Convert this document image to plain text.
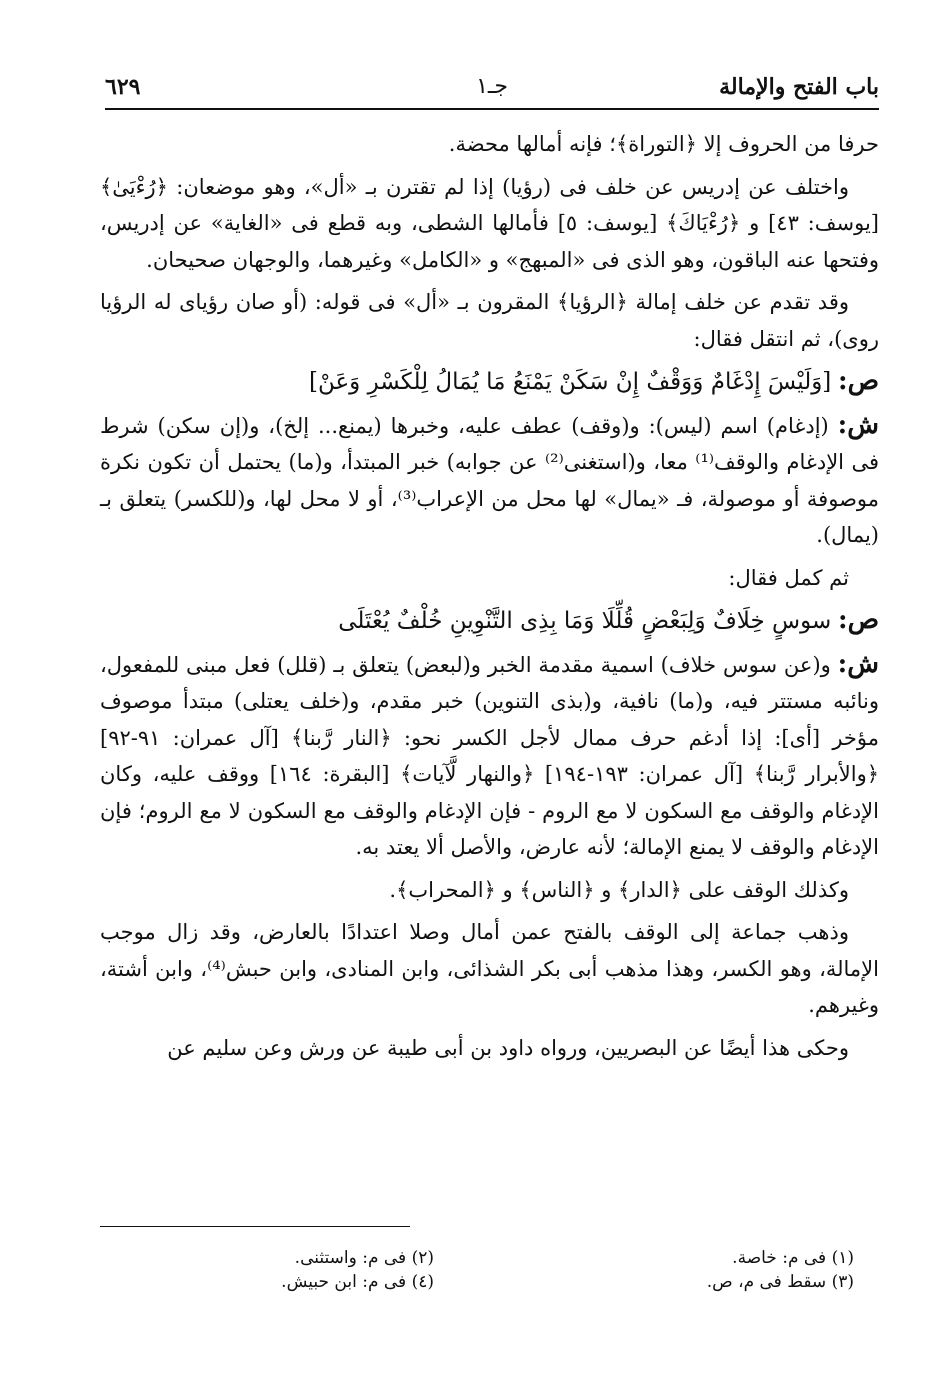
باب الفتح والإمالة
جـ١
٦٢٩

حرفا من الحروف إلا ﴿التوراة﴾؛ فإنه أمالها محضة.

واختلف عن إدريس عن خلف فى (رؤيا) إذا لم تقترن بـ «أل»، وهو موضعان: ﴿رُءْيَىٰ﴾ [يوسف: ٤٣] و ﴿رُءْيَاكَ﴾ [يوسف: ٥] فأمالها الشطى، وبه قطع فى «الغاية» عن إدريس، وفتحها عنه الباقون، وهو الذى فى «المبهج» و «الكامل» وغيرهما، والوجهان صحيحان.

وقد تقدم عن خلف إمالة ﴿الرؤيا﴾ المقرون بـ «أل» فى قوله: (أو صان رؤياى له الرؤيا روى)، ثم انتقل فقال:

ص: [وَلَيْسَ إِدْغَامٌ وَوَقْفٌ إِنْ سَكَنْ يَمْنَعُ مَا يُمَالُ لِلْكَسْرِ وَعَنْ]

ش: (إدغام) اسم (ليس): و(وقف) عطف عليه، وخبرها (يمنع... إلخ)، و(إن سكن) شرط فى الإدغام والوقف⁽¹⁾ معا، و(استغنى⁽²⁾ عن جوابه) خبر المبتدأ، و(ما) يحتمل أن تكون نكرة موصوفة أو موصولة، فـ «يمال» لها محل من الإعراب⁽³⁾، أو لا محل لها، و(للكسر) يتعلق بـ (يمال).

ثم كمل فقال:

ص: سوسٍ خِلَافٌ وَلِبَعْضٍ قُلِّلَا وَمَا بِذِى التَّنْوِينِ خُلْفٌ يُعْتَلَى

ش: و(عن سوس خلاف) اسمية مقدمة الخبر و(لبعض) يتعلق بـ (قلل) فعل مبنى للمفعول، ونائبه مستتر فيه، و(ما) نافية، و(بذى التنوين) خبر مقدم، و(خلف يعتلى) مبتدأ موصوف مؤخر [أى]: إذا أدغم حرف ممال لأجل الكسر نحو: ﴿النار رَّبنا﴾ [آل عمران: ٩١-٩٢] ﴿والأبرار رَّبنا﴾ [آل عمران: ١٩٣-١٩٤] ﴿والنهار لَّآيات﴾ [البقرة: ١٦٤] ووقف عليه، وكان الإدغام والوقف مع السكون لا مع الروم - فإن الإدغام والوقف مع السكون لا مع الروم؛ فإن الإدغام والوقف لا يمنع الإمالة؛ لأنه عارض، والأصل ألا يعتد به.

وكذلك الوقف على ﴿الدار﴾ و ﴿الناس﴾ و ﴿المحراب﴾.

وذهب جماعة إلى الوقف بالفتح عمن أمال وصلا اعتدادًا بالعارض، وقد زال موجب الإمالة، وهو الكسر، وهذا مذهب أبى بكر الشذائى، وابن المنادى، وابن حبش⁽⁴⁾، وابن أشتة، وغيرهم.

وحكى هذا أيضًا عن البصريين، ورواه داود بن أبى طيبة عن ورش وعن سليم عن

(١) فى م: خاصة.
(٢) فى م: واستثنى.
(٣) سقط فى م، ص.
(٤) فى م: ابن حبيش.
